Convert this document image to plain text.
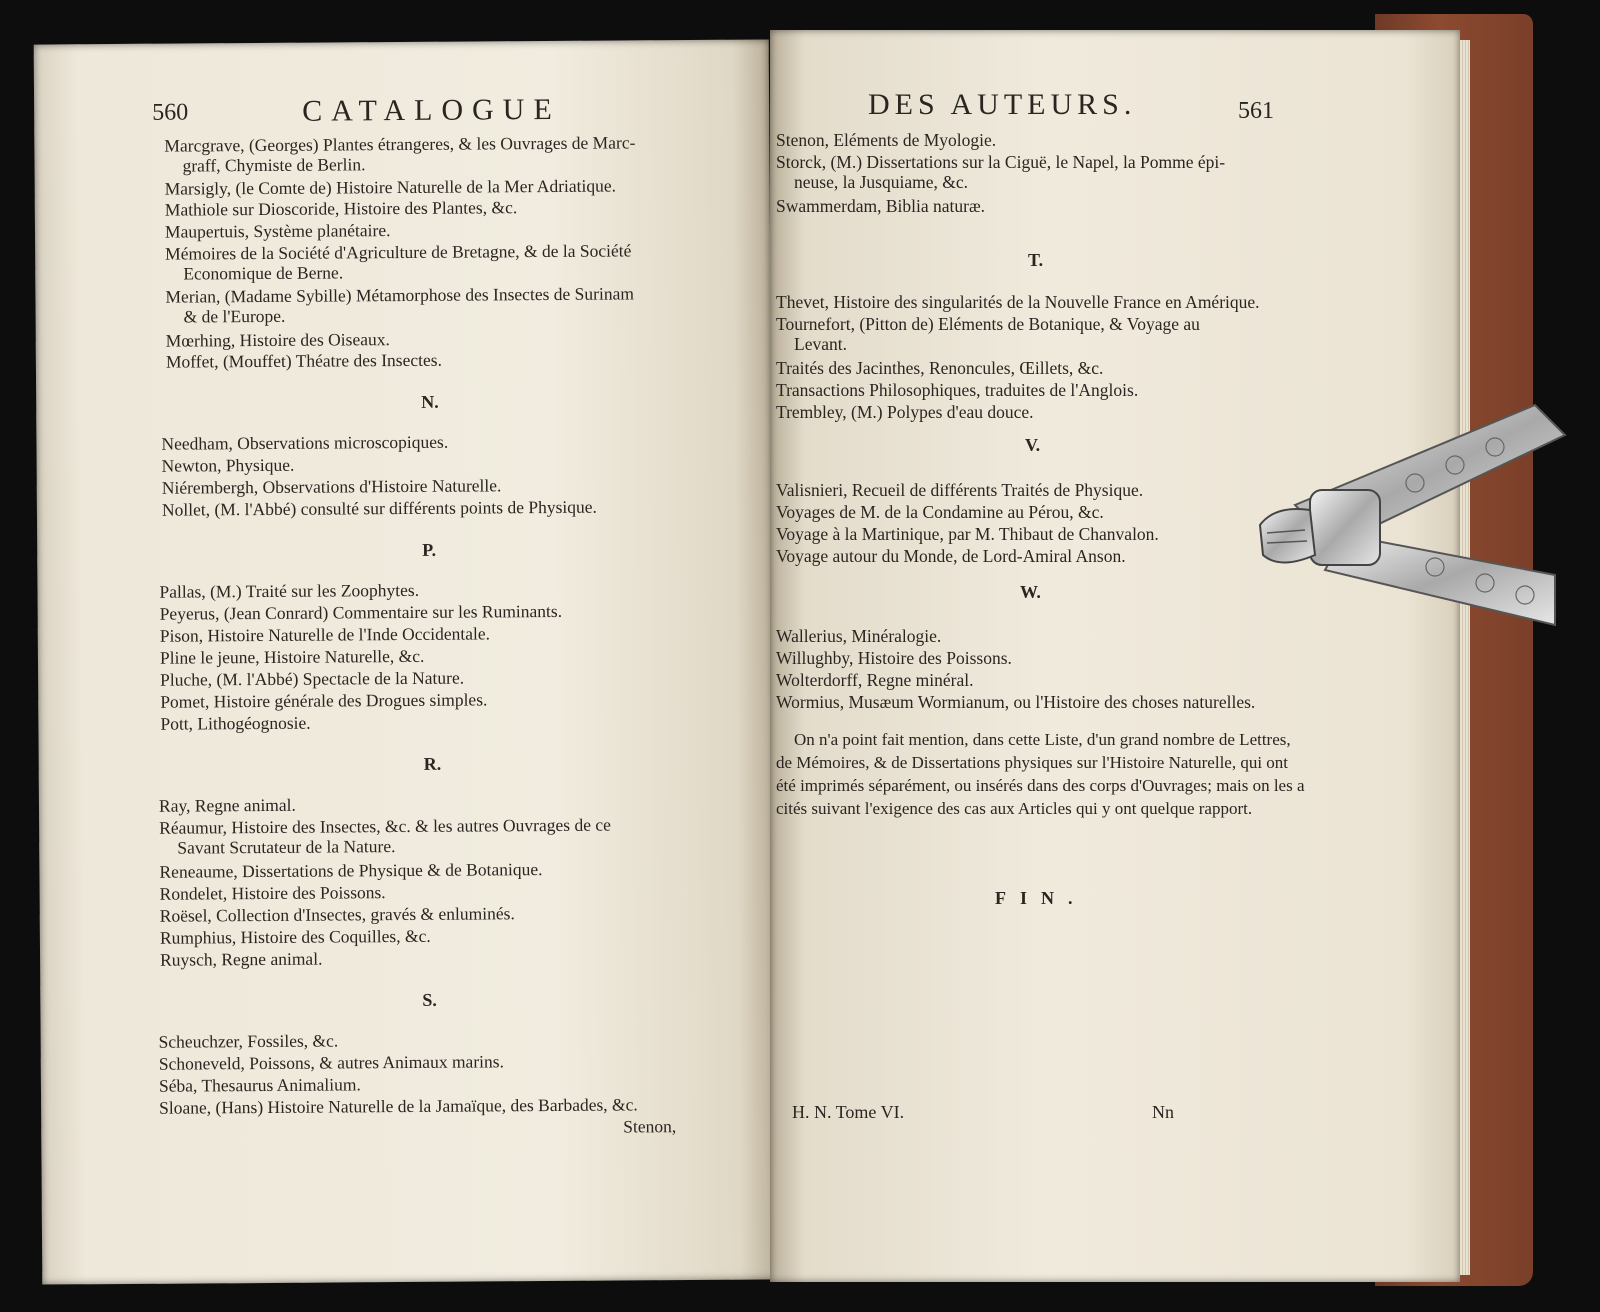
560	CATALOGUE
Marcgrave, (Georges) Plantes étrangeres, & les Ouvrages de Marc-
graff, Chymiste de Berlin.
Marsigly, (le Comte de) Histoire Naturelle de la Mer Adriatique.
Mathiole sur Dioscoride, Histoire des Plantes, &c.
Maupertuis, Système planétaire.
Mémoires de la Société d'Agriculture de Bretagne, & de la Société
Economique de Berne.
Merian, (Madame Sybille) Métamorphose des Insectes de Surinam
& de l'Europe.
Mœrhing, Histoire des Oiseaux.
Moffet, (Mouffet) Théatre des Insectes.
N.
Needham, Observations microscopiques.
Newton, Physique.
Niérembergh, Observations d'Histoire Naturelle.
Nollet, (M. l'Abbé) consulté sur différents points de Physique.
P.
Pallas, (M.) Traité sur les Zoophytes.
Peyerus, (Jean Conrard) Commentaire sur les Ruminants.
Pison, Histoire Naturelle de l'Inde Occidentale.
Pline le jeune, Histoire Naturelle, &c.
Pluche, (M. l'Abbé) Spectacle de la Nature.
Pomet, Histoire générale des Drogues simples.
Pott, Lithogéognosie.
R.
Ray, Regne animal.
Réaumur, Histoire des Insectes, &c. & les autres Ouvrages de ce
Savant Scrutateur de la Nature.
Reneaume, Dissertations de Physique & de Botanique.
Rondelet, Histoire des Poissons.
Roësel, Collection d'Insectes, gravés & enluminés.
Rumphius, Histoire des Coquilles, &c.
Ruysch, Regne animal.
S.
Scheuchzer, Fossiles, &c.
Schoneveld, Poissons, & autres Animaux marins.
Séba, Thesaurus Animalium.
Sloane, (Hans) Histoire Naturelle de la Jamaïque, des Barbades, &c.
Stenon,
DES AUTEURS.	561
Stenon, Eléments de Myologie.
Storck, (M.) Dissertations sur la Ciguë, le Napel, la Pomme épi-
neuse, la Jusquiame, &c.
Swammerdam, Biblia naturæ.
T.
Thevet, Histoire des singularités de la Nouvelle France en Amérique.
Tournefort, (Pitton de) Eléments de Botanique, & Voyage au
Levant.
Traités des Jacinthes, Renoncules, Œillets, &c.
Transactions Philosophiques, traduites de l'Anglois.
Trembley, (M.) Polypes d'eau douce.
V.
Valisnieri, Recueil de différents Traités de Physique.
Voyages de M. de la Condamine au Pérou, &c.
Voyage à la Martinique, par M. Thibaut de Chanvalon.
Voyage autour du Monde, de Lord-Amiral Anson.
W.
Wallerius, Minéralogie.
Willughby, Histoire des Poissons.
Wolterdorff, Regne minéral.
Wormius, Musæum Wormianum, ou l'Histoire des choses naturelles.
On n'a point fait mention, dans cette Liste, d'un grand nombre de Lettres, de Mémoires, & de Dissertations physiques sur l'Histoire Naturelle, qui ont été imprimés séparément, ou insérés dans des corps d'Ouvrages; mais on les a cités suivant l'exigence des cas aux Articles qui y ont quelque rapport.
FIN.
H. N. Tome VI.	Nn
